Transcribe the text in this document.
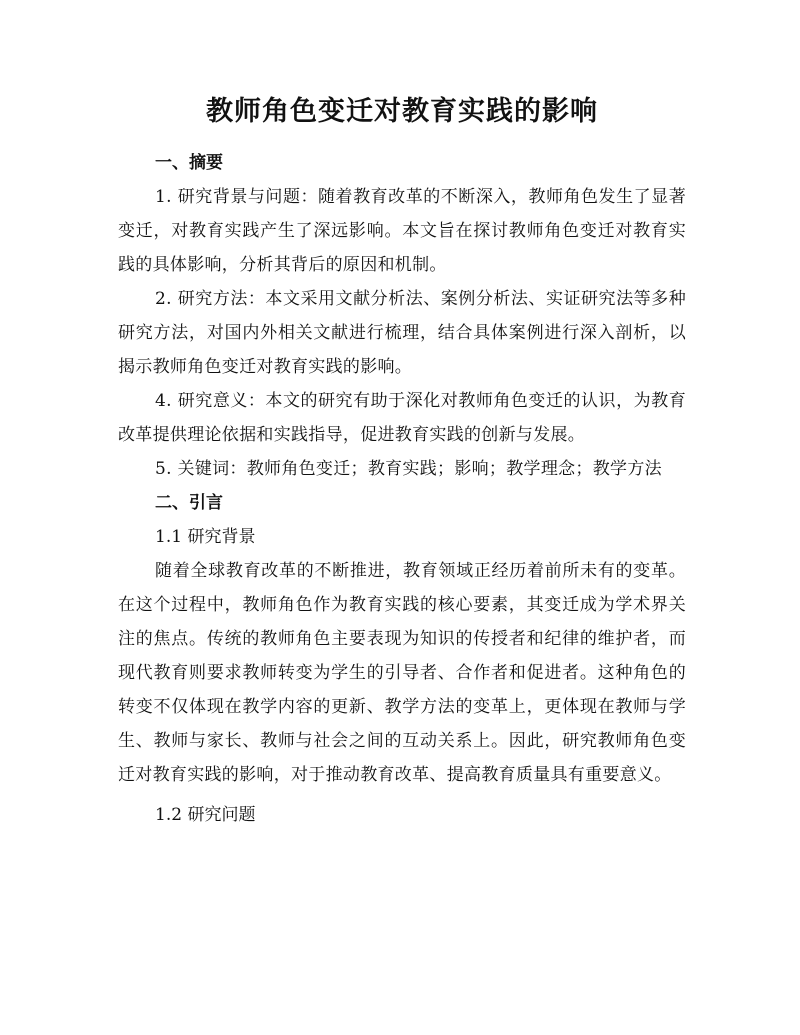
教师角色变迁对教育实践的影响

一、摘要

1. 研究背景与问题：随着教育改革的不断深入，教师角色发生了显著变迁，对教育实践产生了深远影响。本文旨在探讨教师角色变迁对教育实践的具体影响，分析其背后的原因和机制。

2. 研究方法：本文采用文献分析法、案例分析法、实证研究法等多种研究方法，对国内外相关文献进行梳理，结合具体案例进行深入剖析，以揭示教师角色变迁对教育实践的影响。

4. 研究意义：本文的研究有助于深化对教师角色变迁的认识，为教育改革提供理论依据和实践指导，促进教育实践的创新与发展。

5. 关键词：教师角色变迁；教育实践；影响；教学理念；教学方法

二、引言

1.1 研究背景

随着全球教育改革的不断推进，教育领域正经历着前所未有的变革。在这个过程中，教师角色作为教育实践的核心要素，其变迁成为学术界关注的焦点。传统的教师角色主要表现为知识的传授者和纪律的维护者，而现代教育则要求教师转变为学生的引导者、合作者和促进者。这种角色的转变不仅体现在教学内容的更新、教学方法的变革上，更体现在教师与学生、教师与家长、教师与社会之间的互动关系上。因此，研究教师角色变迁对教育实践的影响，对于推动教育改革、提高教育质量具有重要意义。

1.2 研究问题
